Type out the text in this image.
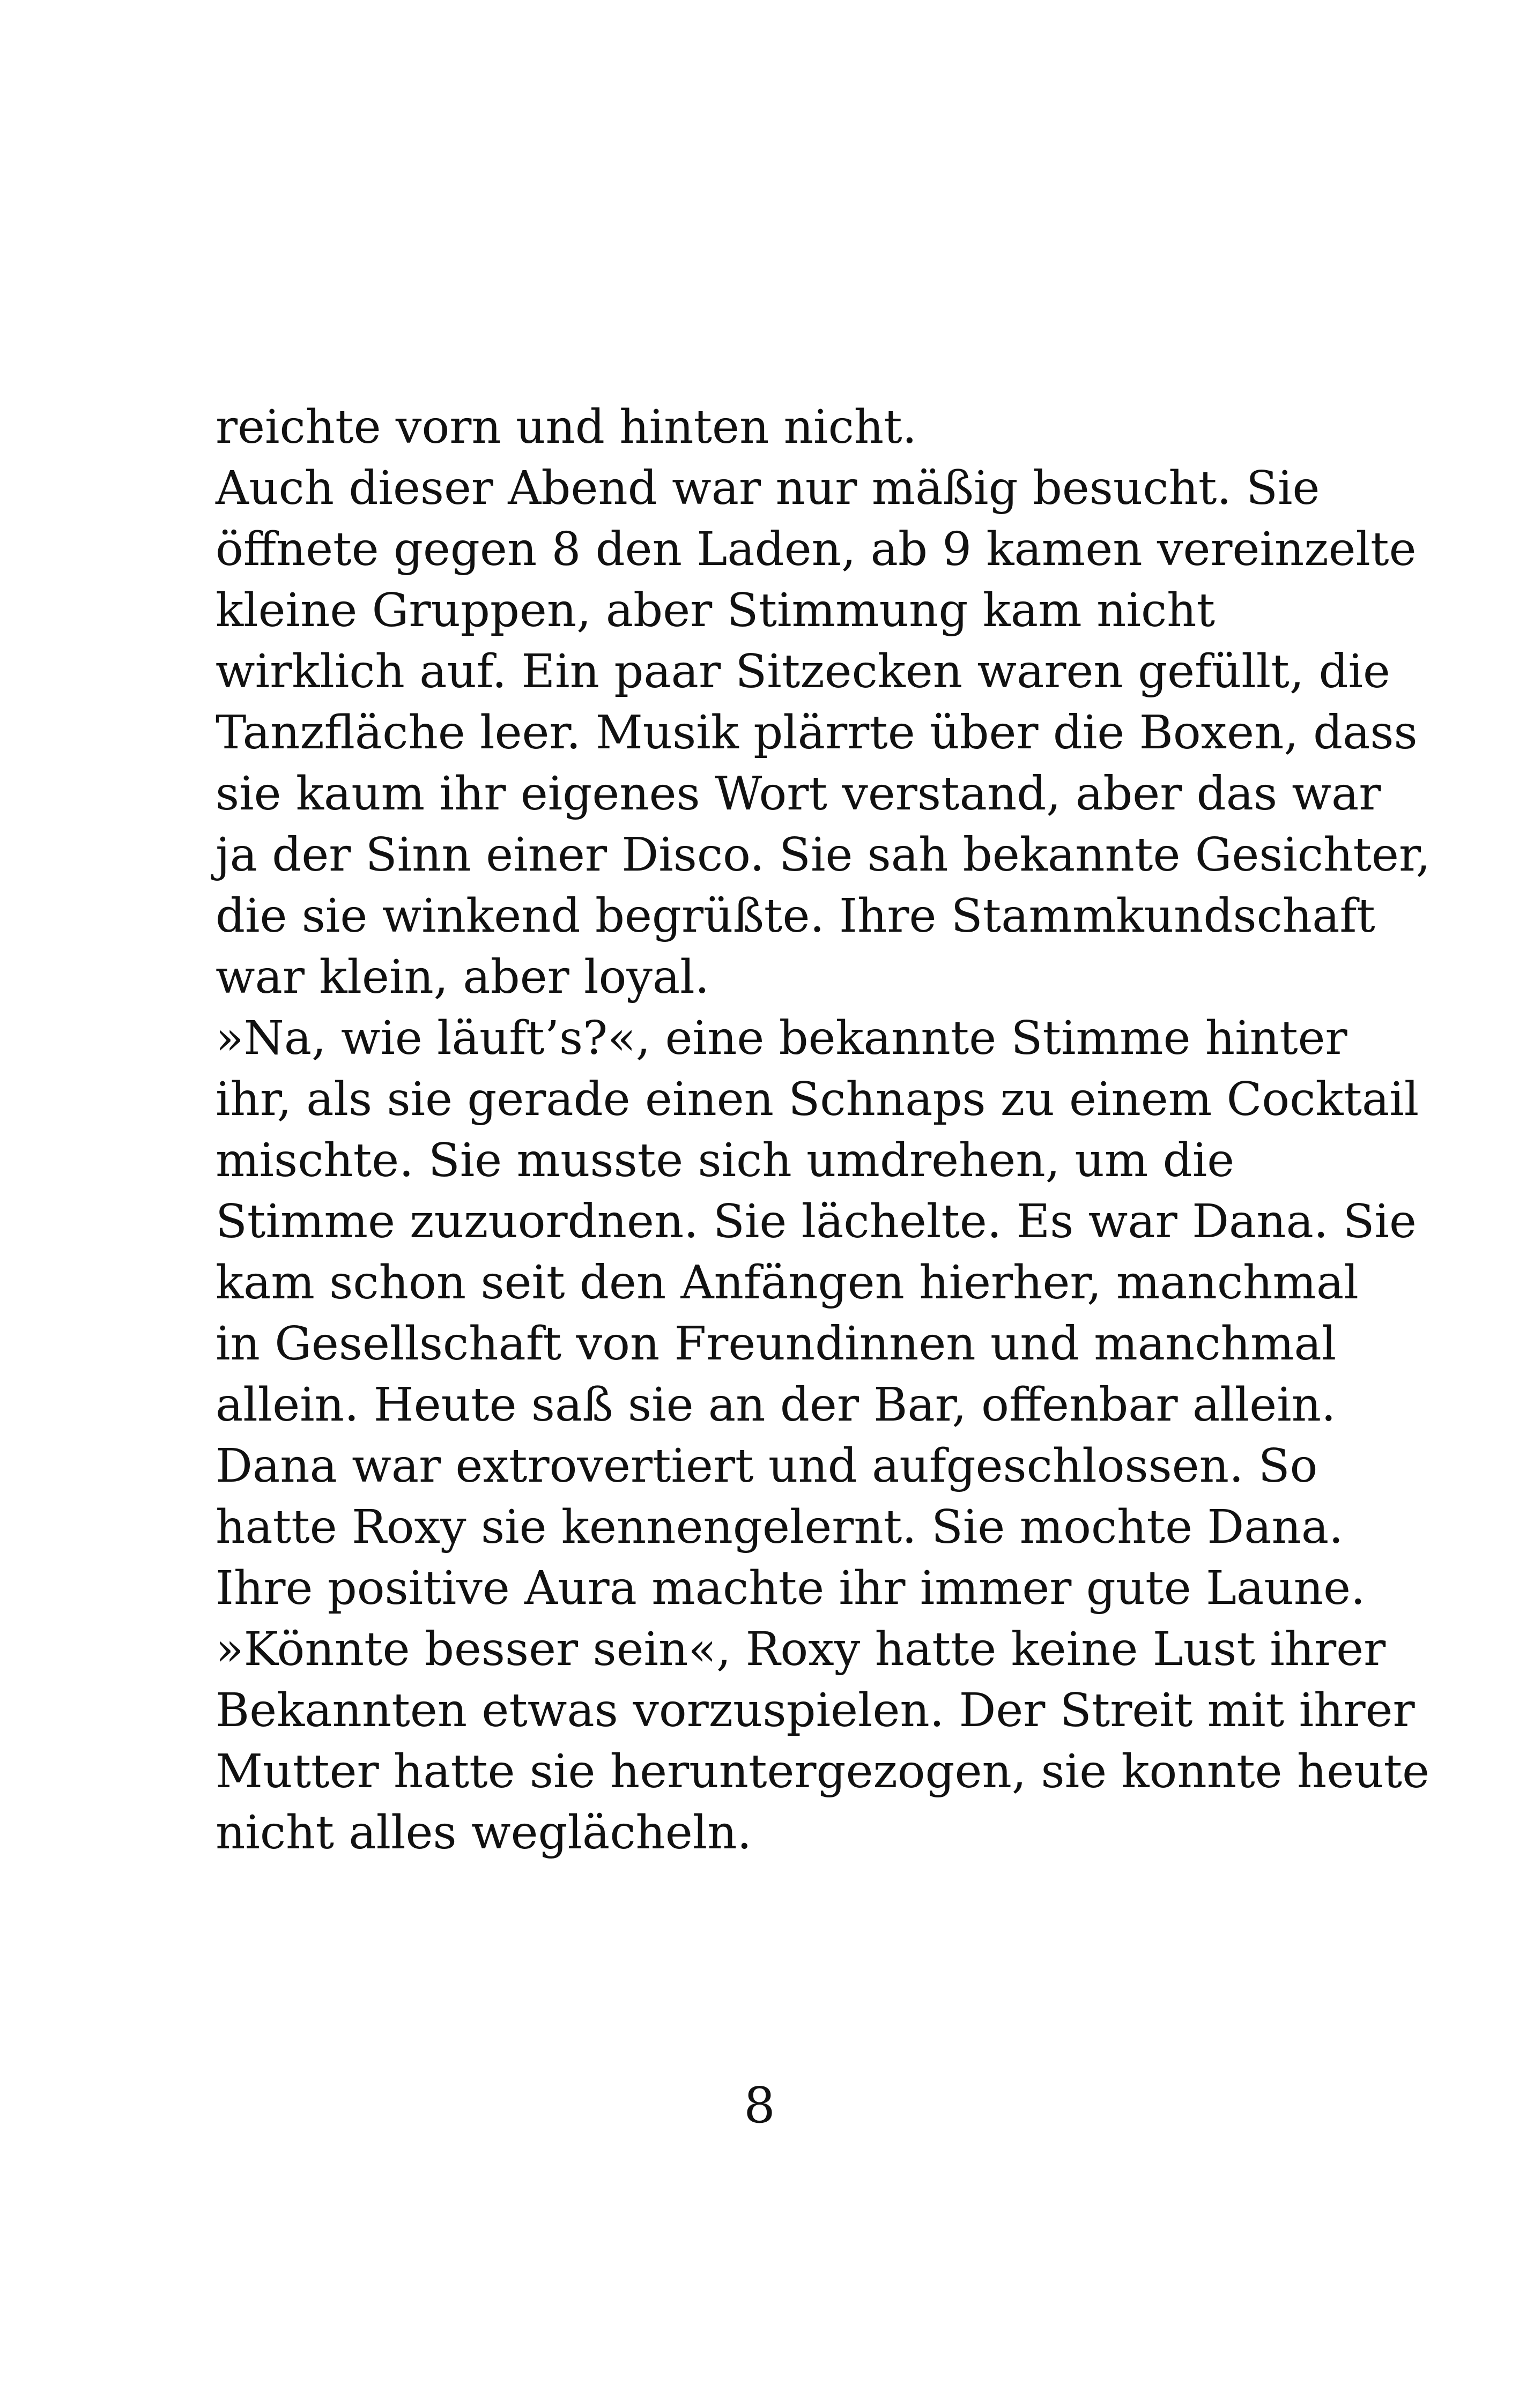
reichte vorn und hinten nicht.
Auch dieser Abend war nur mäßig besucht. Sie
öffnete gegen 8 den Laden, ab 9 kamen vereinzelte
kleine Gruppen, aber Stimmung kam nicht
wirklich auf. Ein paar Sitzecken waren gefüllt, die
Tanzfläche leer. Musik plärrte über die Boxen, dass
sie kaum ihr eigenes Wort verstand, aber das war
ja der Sinn einer Disco. Sie sah bekannte Gesichter,
die sie winkend begrüßte. Ihre Stammkundschaft
war klein, aber loyal.
»Na, wie läuft’s?«, eine bekannte Stimme hinter
ihr, als sie gerade einen Schnaps zu einem Cocktail
mischte. Sie musste sich umdrehen, um die
Stimme zuzuordnen. Sie lächelte. Es war Dana. Sie
kam schon seit den Anfängen hierher, manchmal
in Gesellschaft von Freundinnen und manchmal
allein. Heute saß sie an der Bar, offenbar allein.
Dana war extrovertiert und aufgeschlossen. So
hatte Roxy sie kennengelernt. Sie mochte Dana.
Ihre positive Aura machte ihr immer gute Laune.
»Könnte besser sein«, Roxy hatte keine Lust ihrer
Bekannten etwas vorzuspielen. Der Streit mit ihrer
Mutter hatte sie heruntergezogen, sie konnte heute
nicht alles weglächeln.
8
